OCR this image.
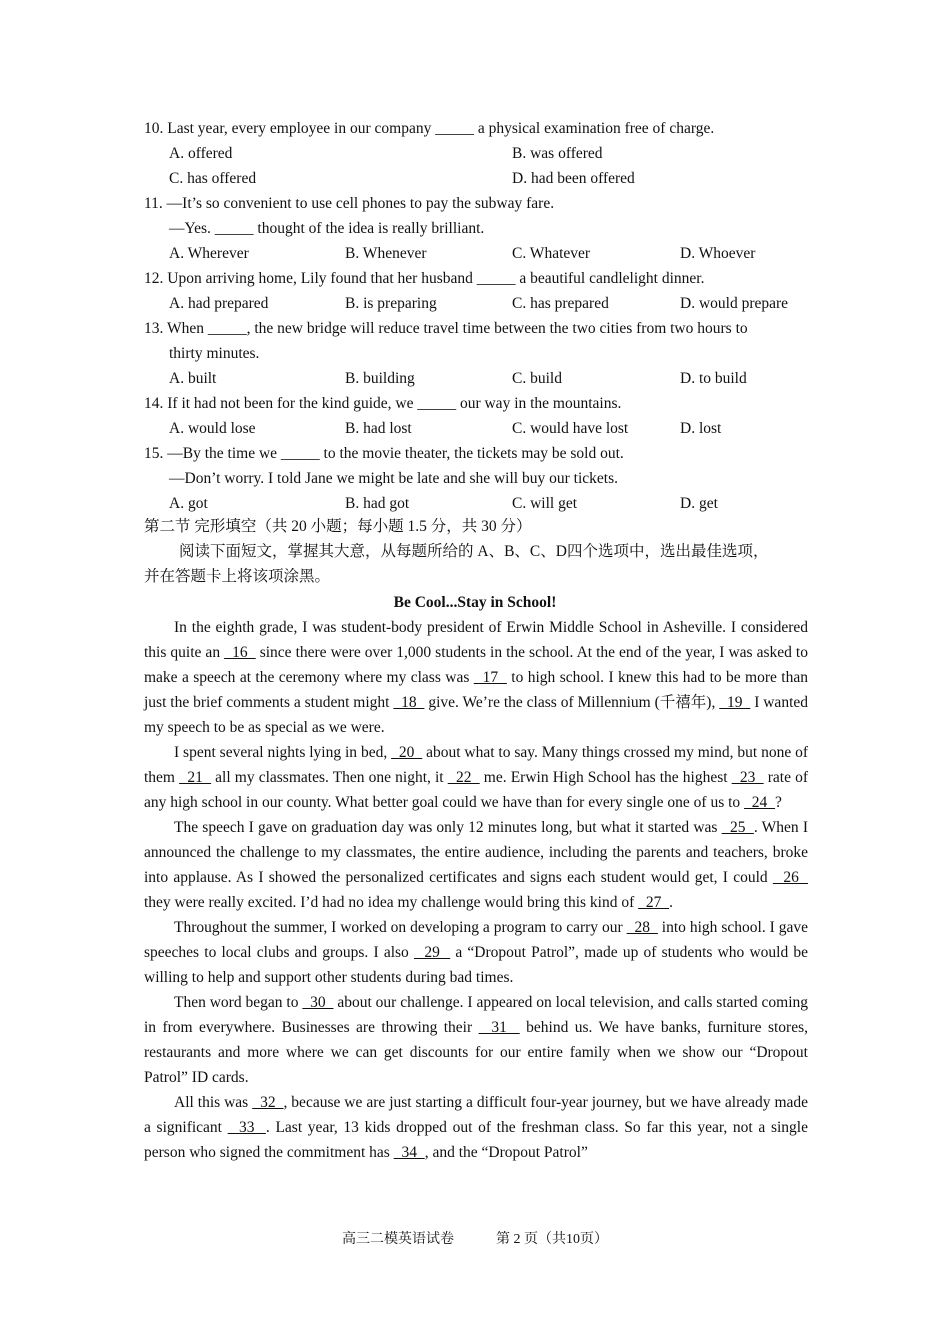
10. Last year, every employee in our company _____ a physical examination free of charge.
A. offered	B. was offered
C. has offered	D. had been offered
11. —It’s so convenient to use cell phones to pay the subway fare.
—Yes. _____ thought of the idea is really brilliant.
A. Wherever	B. Whenever	C. Whatever	D. Whoever
12. Upon arriving home, Lily found that her husband _____ a beautiful candlelight dinner.
A. had prepared	B. is preparing	C. has prepared	D. would prepare
13. When _____, the new bridge will reduce travel time between the two cities from two hours to
thirty minutes.
A. built	B. building	C. build	D. to build
14. If it had not been for the kind guide, we _____ our way in the mountains.
A. would lose	B. had lost	C. would have lost	D. lost
15. —By the time we _____ to the movie theater, the tickets may be sold out.
—Don’t worry. I told Jane we might be late and she will buy our tickets.
A. got	B. had got	C. will get	D. get
第二节 完形填空（共 20 小题；每小题 1.5 分，共 30 分）
阅读下面短文，掌握其大意，从每题所给的 A、B、C、D四个选项中，选出最佳选项，
并在答题卡上将该项涂黑。
Be Cool...Stay in School!

In the eighth grade, I was student-body president of Erwin Middle School in Asheville. I considered this quite an   16   since there were over 1,000 students in the school. At the end of the year, I was asked to make a speech at the ceremony where my class was   17   to high school. I knew this had to be more than just the brief comments a student might   18   give. We’re the class of Millennium (千禧年),   19   I wanted my speech to be as special as we were.

I spent several nights lying in bed,   20   about what to say. Many things crossed my mind, but none of them   21   all my classmates. Then one night, it   22   me. Erwin High School has the highest   23   rate of any high school in our county. What better goal could we have than for every single one of us to   24  ?

The speech I gave on graduation day was only 12 minutes long, but what it started was   25  . When I announced the challenge to my classmates, the entire audience, including the parents and teachers, broke into applause. As I showed the personalized certificates and signs each student would get, I could   26   they were really excited. I’d had no idea my challenge would bring this kind of   27  .

Throughout the summer, I worked on developing a program to carry our   28   into high school. I gave speeches to local clubs and groups. I also   29   a “Dropout Patrol”, made up of students who would be willing to help and support other students during bad times.

Then word began to   30   about our challenge. I appeared on local television, and calls started coming in from everywhere. Businesses are throwing their   31   behind us. We have banks, furniture stores, restaurants and more where we can get discounts for our entire family when we show our “Dropout Patrol” ID cards.

All this was   32  , because we are just starting a difficult four-year journey, but we have already made a significant   33  . Last year, 13 kids dropped out of the freshman class. So far this year, not a single person who signed the commitment has   34  , and the “Dropout Patrol”

高三二模英语试卷　　　第 2 页（共10页）
